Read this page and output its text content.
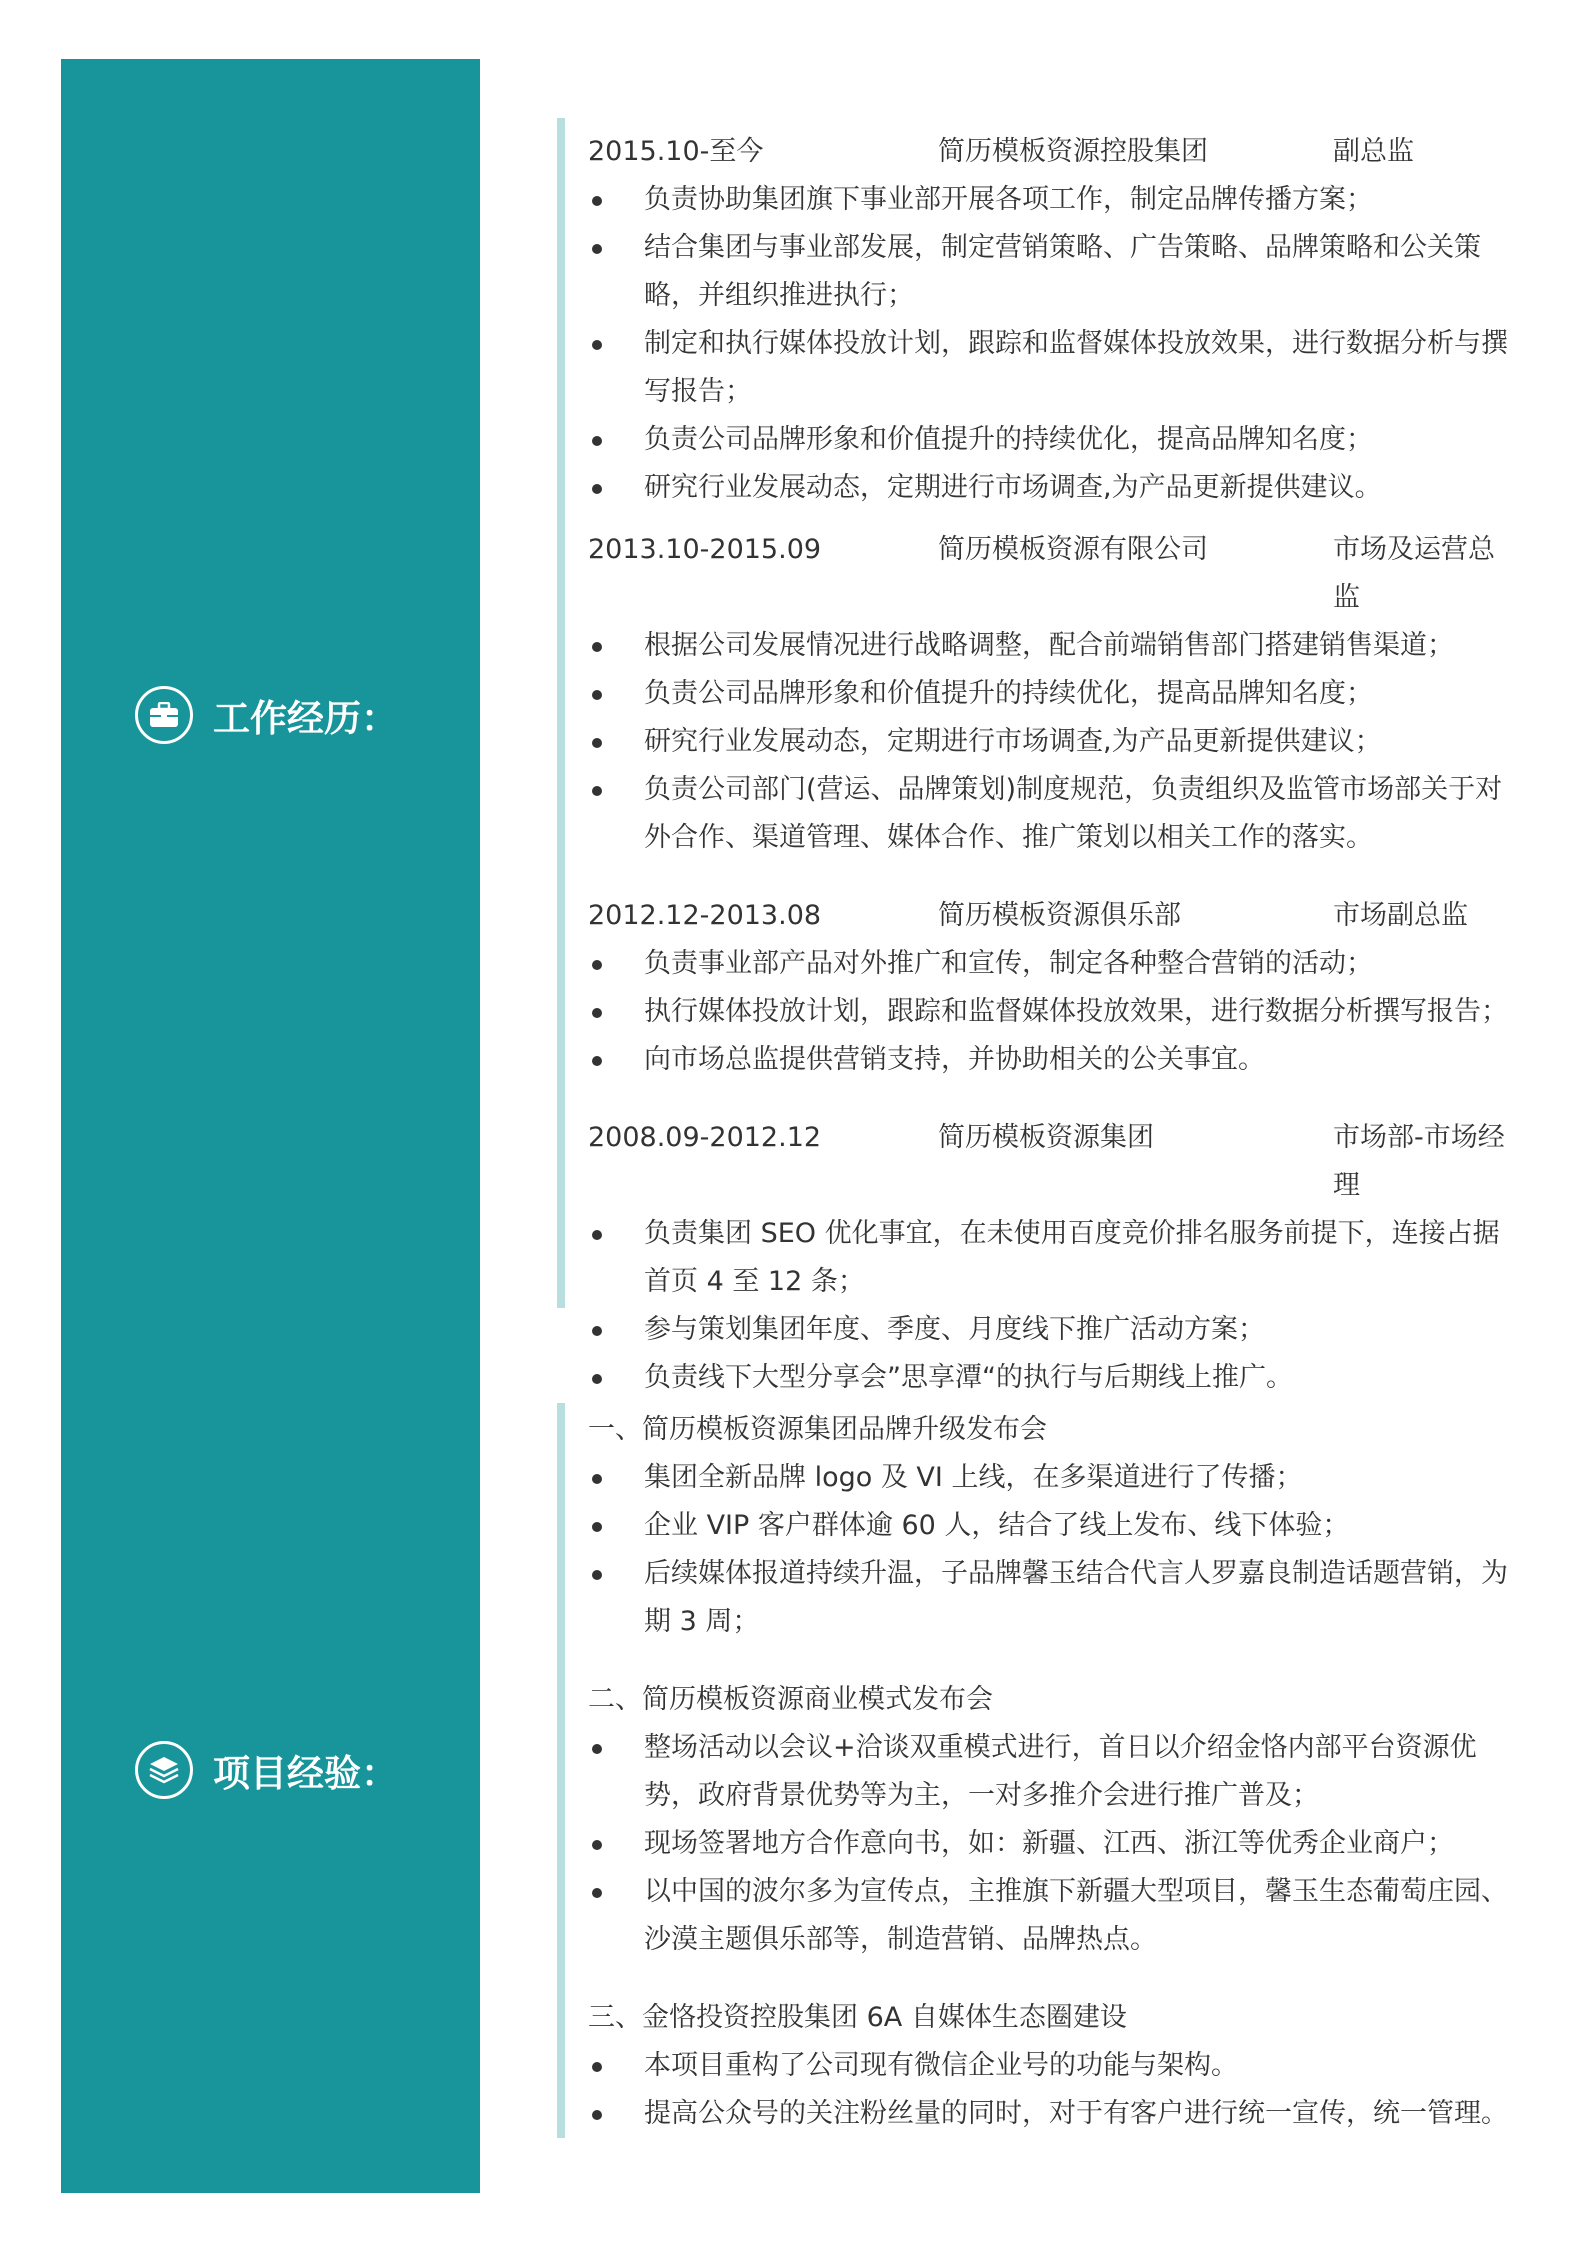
工作经历：
项目经验：
2015.10-至今	简历模板资源控股集团	副总监
负责协助集团旗下事业部开展各项工作，制定品牌传播方案；
结合集团与事业部发展，制定营销策略、广告策略、品牌策略和公关策略，并组织推进执行；
制定和执行媒体投放计划，跟踪和监督媒体投放效果，进行数据分析与撰写报告；
负责公司品牌形象和价值提升的持续优化，提高品牌知名度；
研究行业发展动态，定期进行市场调查,为产品更新提供建议。
2013.10-2015.09	简历模板资源有限公司	市场及运营总监
根据公司发展情况进行战略调整，配合前端销售部门搭建销售渠道；
负责公司品牌形象和价值提升的持续优化，提高品牌知名度；
研究行业发展动态，定期进行市场调查,为产品更新提供建议；
负责公司部门(营运、品牌策划)制度规范，负责组织及监管市场部关于对外合作、渠道管理、媒体合作、推广策划以相关工作的落实。
2012.12-2013.08	简历模板资源俱乐部	市场副总监
负责事业部产品对外推广和宣传，制定各种整合营销的活动；
执行媒体投放计划，跟踪和监督媒体投放效果，进行数据分析撰写报告；
向市场总监提供营销支持，并协助相关的公关事宜。
2008.09-2012.12	简历模板资源集团	市场部-市场经理
负责集团 SEO 优化事宜，在未使用百度竞价排名服务前提下，连接占据首页 4 至 12 条；
参与策划集团年度、季度、月度线下推广活动方案；
负责线下大型分享会”思享潭“的执行与后期线上推广。
一、简历模板资源集团品牌升级发布会
集团全新品牌 logo 及 VI 上线，在多渠道进行了传播；
企业 VIP 客户群体逾 60 人，结合了线上发布、线下体验；
后续媒体报道持续升温，子品牌馨玉结合代言人罗嘉良制造话题营销，为期 3 周；
二、简历模板资源商业模式发布会
整场活动以会议+洽谈双重模式进行，首日以介绍金恪内部平台资源优势，政府背景优势等为主，一对多推介会进行推广普及；
现场签署地方合作意向书，如：新疆、江西、浙江等优秀企业商户；
以中国的波尔多为宣传点，主推旗下新疆大型项目，馨玉生态葡萄庄园、沙漠主题俱乐部等，制造营销、品牌热点。
三、金恪投资控股集团 6A 自媒体生态圈建设
本项目重构了公司现有微信企业号的功能与架构。
提高公众号的关注粉丝量的同时，对于有客户进行统一宣传，统一管理。
